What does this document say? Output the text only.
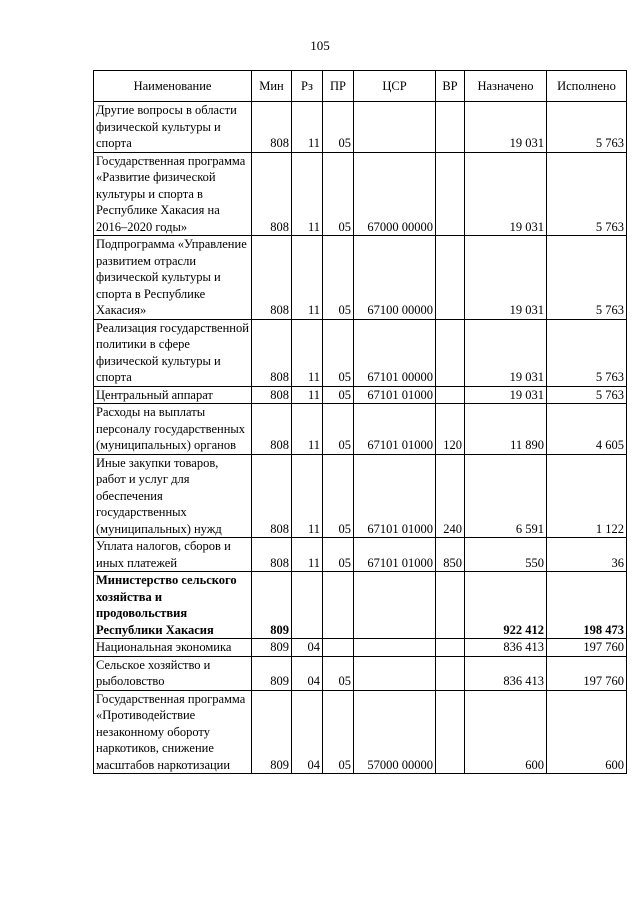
105
Наименование	Мин	Рз	ПР	ЦСР	ВР	Назначено	Исполнено
Другие вопросы в области физической культуры и спорта	808	11	05			19 031	5 763
Государственная программа «Развитие физической культуры и спорта в Республике Хакасия на 2016–2020 годы»	808	11	05	67000 00000		19 031	5 763
Подпрограмма «Управление развитием отрасли физической культуры и спорта в Республике Хакасия»	808	11	05	67100 00000		19 031	5 763
Реализация государственной политики в сфере физической культуры и спорта	808	11	05	67101 00000		19 031	5 763
Центральный аппарат	808	11	05	67101 01000		19 031	5 763
Расходы на выплаты персоналу государственных (муниципальных) органов	808	11	05	67101 01000	120	11 890	4 605
Иные закупки товаров, работ и услуг для обеспечения государственных (муниципальных) нужд	808	11	05	67101 01000	240	6 591	1 122
Уплата налогов, сборов и иных платежей	808	11	05	67101 01000	850	550	36
Министерство сельского хозяйства и продовольствия Республики Хакасия	809					922 412	198 473
Национальная экономика	809	04				836 413	197 760
Сельское хозяйство и рыболовство	809	04	05			836 413	197 760
Государственная программа «Противодействие незаконному обороту наркотиков, снижение масштабов наркотизации	809	04	05	57000 00000		600	600
